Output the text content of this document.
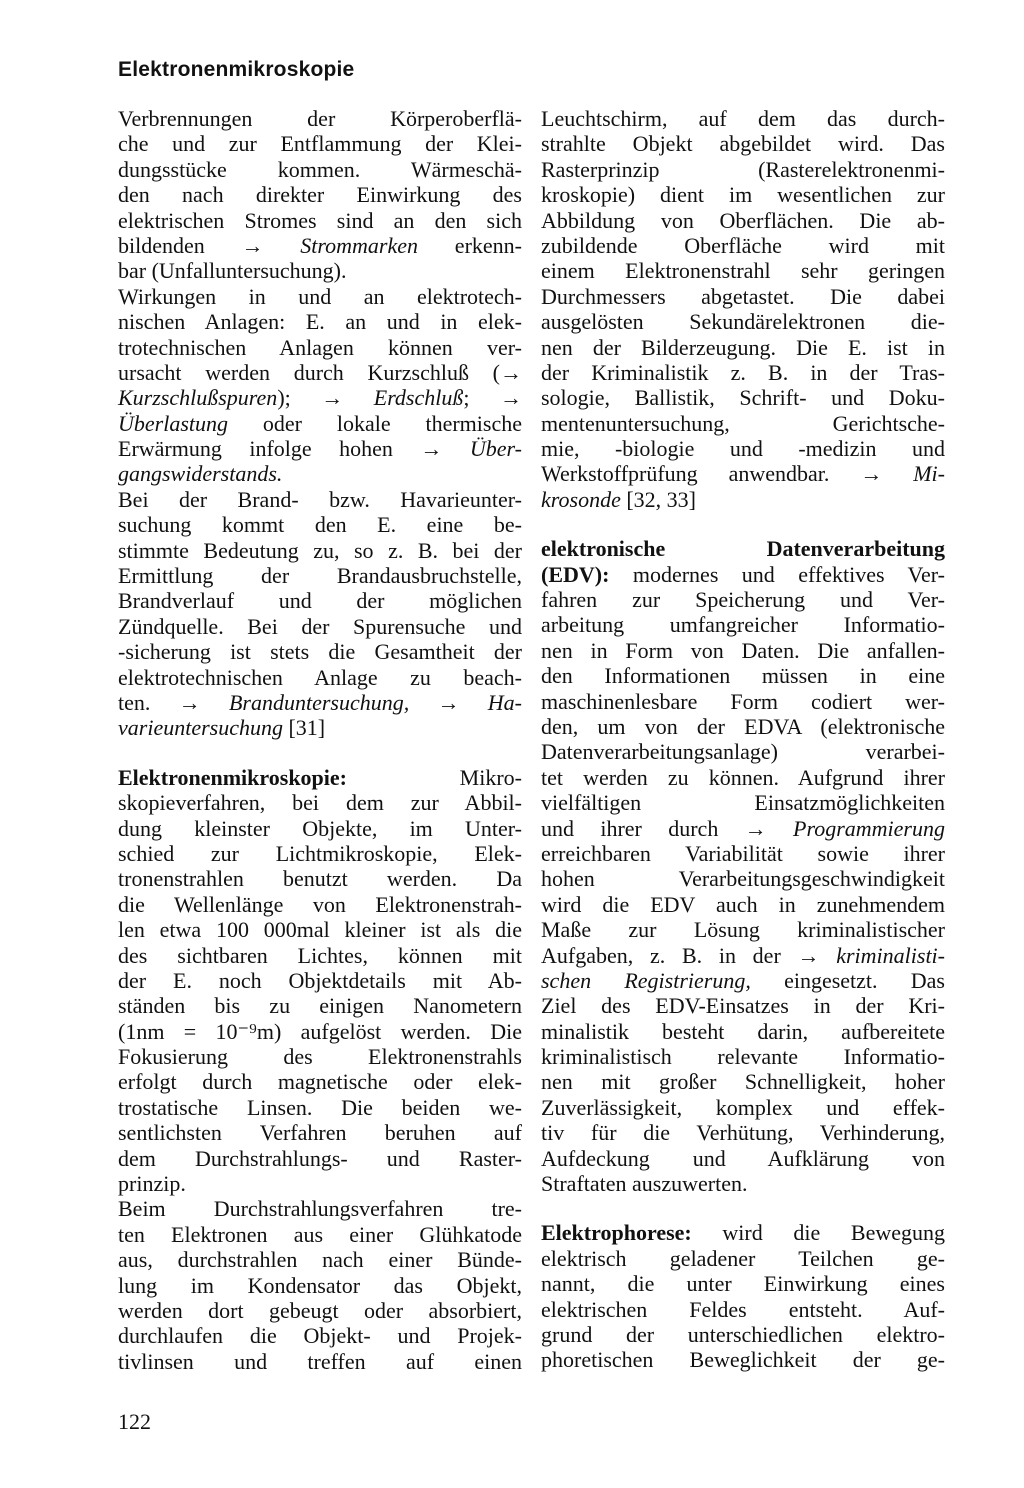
Elektronenmikroskopie
Verbrennungen der Körperoberflä-
che und zur Entflammung der Klei-
dungsstücke kommen. Wärmeschä-
den nach direkter Einwirkung des
elektrischen Stromes sind an den sich
bildenden → Strommarken erkenn-
bar (Unfalluntersuchung).
Wirkungen in und an elektrotech-
nischen Anlagen: E. an und in elek-
trotechnischen Anlagen können ver-
ursacht werden durch Kurzschluß (→
Kurzschlußspuren); → Erdschluß; →
Überlastung oder lokale thermische
Erwärmung infolge hohen → Über-
gangswiderstands.
Bei der Brand- bzw. Havarieunter-
suchung kommt den E. eine be-
stimmte Bedeutung zu, so z. B. bei der
Ermittlung der Brandausbruchstelle,
Brandverlauf und der möglichen
Zündquelle. Bei der Spurensuche und
-sicherung ist stets die Gesamtheit der
elektrotechnischen Anlage zu beach-
ten. → Branduntersuchung, → Ha-
varieuntersuchung [31]
Elektronenmikroskopie: Mikro-
skopieverfahren, bei dem zur Abbil-
dung kleinster Objekte, im Unter-
schied zur Lichtmikroskopie, Elek-
tronenstrahlen benutzt werden. Da
die Wellenlänge von Elektronenstrah-
len etwa 100 000mal kleiner ist als die
des sichtbaren Lichtes, können mit
der E. noch Objektdetails mit Ab-
ständen bis zu einigen Nanometern
(1nm = 10⁻⁹m) aufgelöst werden. Die
Fokusierung des Elektronenstrahls
erfolgt durch magnetische oder elek-
trostatische Linsen. Die beiden we-
sentlichsten Verfahren beruhen auf
dem Durchstrahlungs- und Raster-
prinzip.
Beim Durchstrahlungsverfahren tre-
ten Elektronen aus einer Glühkatode
aus, durchstrahlen nach einer Bünde-
lung im Kondensator das Objekt,
werden dort gebeugt oder absorbiert,
durchlaufen die Objekt- und Projek-
tivlinsen und treffen auf einen
Leuchtschirm, auf dem das durch-
strahlte Objekt abgebildet wird. Das
Rasterprinzip (Rasterelektronenmi-
kroskopie) dient im wesentlichen zur
Abbildung von Oberflächen. Die ab-
zubildende Oberfläche wird mit
einem Elektronenstrahl sehr geringen
Durchmessers abgetastet. Die dabei
ausgelösten Sekundärelektronen die-
nen der Bilderzeugung. Die E. ist in
der Kriminalistik z. B. in der Tras-
sologie, Ballistik, Schrift- und Doku-
mentenuntersuchung, Gerichtsche-
mie, -biologie und -medizin und
Werkstoffprüfung anwendbar. → Mi-
krosonde [32, 33]
elektronische Datenverarbeitung
(EDV): modernes und effektives Ver-
fahren zur Speicherung und Ver-
arbeitung umfangreicher Informatio-
nen in Form von Daten. Die anfallen-
den Informationen müssen in eine
maschinenlesbare Form codiert wer-
den, um von der EDVA (elektronische
Datenverarbeitungsanlage) verarbei-
tet werden zu können. Aufgrund ihrer
vielfältigen Einsatzmöglichkeiten
und ihrer durch → Programmierung
erreichbaren Variabilität sowie ihrer
hohen Verarbeitungsgeschwindigkeit
wird die EDV auch in zunehmendem
Maße zur Lösung kriminalistischer
Aufgaben, z. B. in der → kriminalisti-
schen Registrierung, eingesetzt. Das
Ziel des EDV-Einsatzes in der Kri-
minalistik besteht darin, aufbereitete
kriminalistisch relevante Informatio-
nen mit großer Schnelligkeit, hoher
Zuverlässigkeit, komplex und effek-
tiv für die Verhütung, Verhinderung,
Aufdeckung und Aufklärung von
Straftaten auszuwerten.
Elektrophorese: wird die Bewegung
elektrisch geladener Teilchen ge-
nannt, die unter Einwirkung eines
elektrischen Feldes entsteht. Auf-
grund der unterschiedlichen elektro-
phoretischen Beweglichkeit der ge-
122
